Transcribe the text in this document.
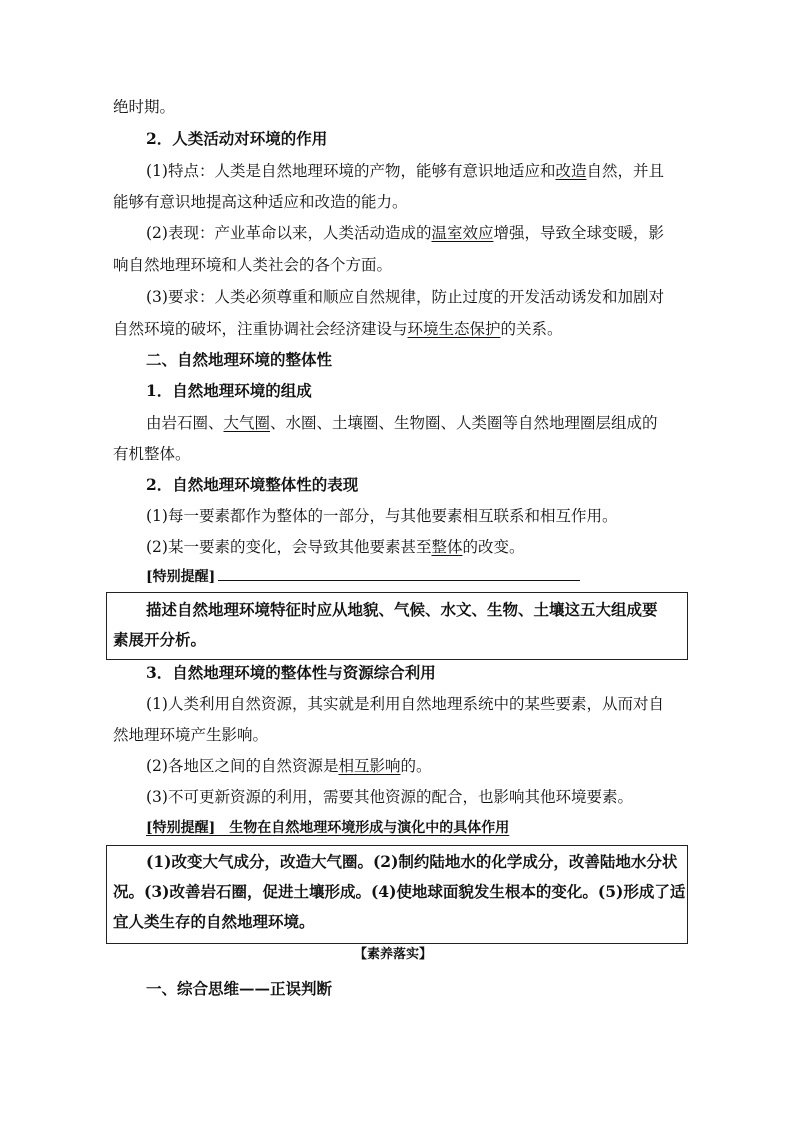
绝时期。
2．人类活动对环境的作用
(1)特点：人类是自然地理环境的产物，能够有意识地适应和改造自然，并且
能够有意识地提高这种适应和改造的能力。
(2)表现：产业革命以来，人类活动造成的温室效应增强，导致全球变暖，影
响自然地理环境和人类社会的各个方面。
(3)要求：人类必须尊重和顺应自然规律，防止过度的开发活动诱发和加剧对
自然环境的破坏，注重协调社会经济建设与环境生态保护的关系。
二、自然地理环境的整体性
1．自然地理环境的组成
由岩石圈、大气圈、水圈、土壤圈、生物圈、人类圈等自然地理圈层组成的
有机整体。
2．自然地理环境整体性的表现
(1)每一要素都作为整体的一部分，与其他要素相互联系和相互作用。
(2)某一要素的变化，会导致其他要素甚至整体的改变。
[特别提醒]
描述自然地理环境特征时应从地貌、气候、水文、生物、土壤这五大组成要
素展开分析。
3．自然地理环境的整体性与资源综合利用
(1)人类利用自然资源，其实就是利用自然地理系统中的某些要素，从而对自
然地理环境产生影响。
(2)各地区之间的自然资源是相互影响的。
(3)不可更新资源的利用，需要其他资源的配合，也影响其他环境要素。
[特别提醒]　生物在自然地理环境形成与演化中的具体作用
(1)改变大气成分，改造大气圈。(2)制约陆地水的化学成分，改善陆地水分状
况。(3)改善岩石圈，促进土壤形成。(4)使地球面貌发生根本的变化。(5)形成了适
宜人类生存的自然地理环境。
【素养落实】
一、综合思维——正误判断
